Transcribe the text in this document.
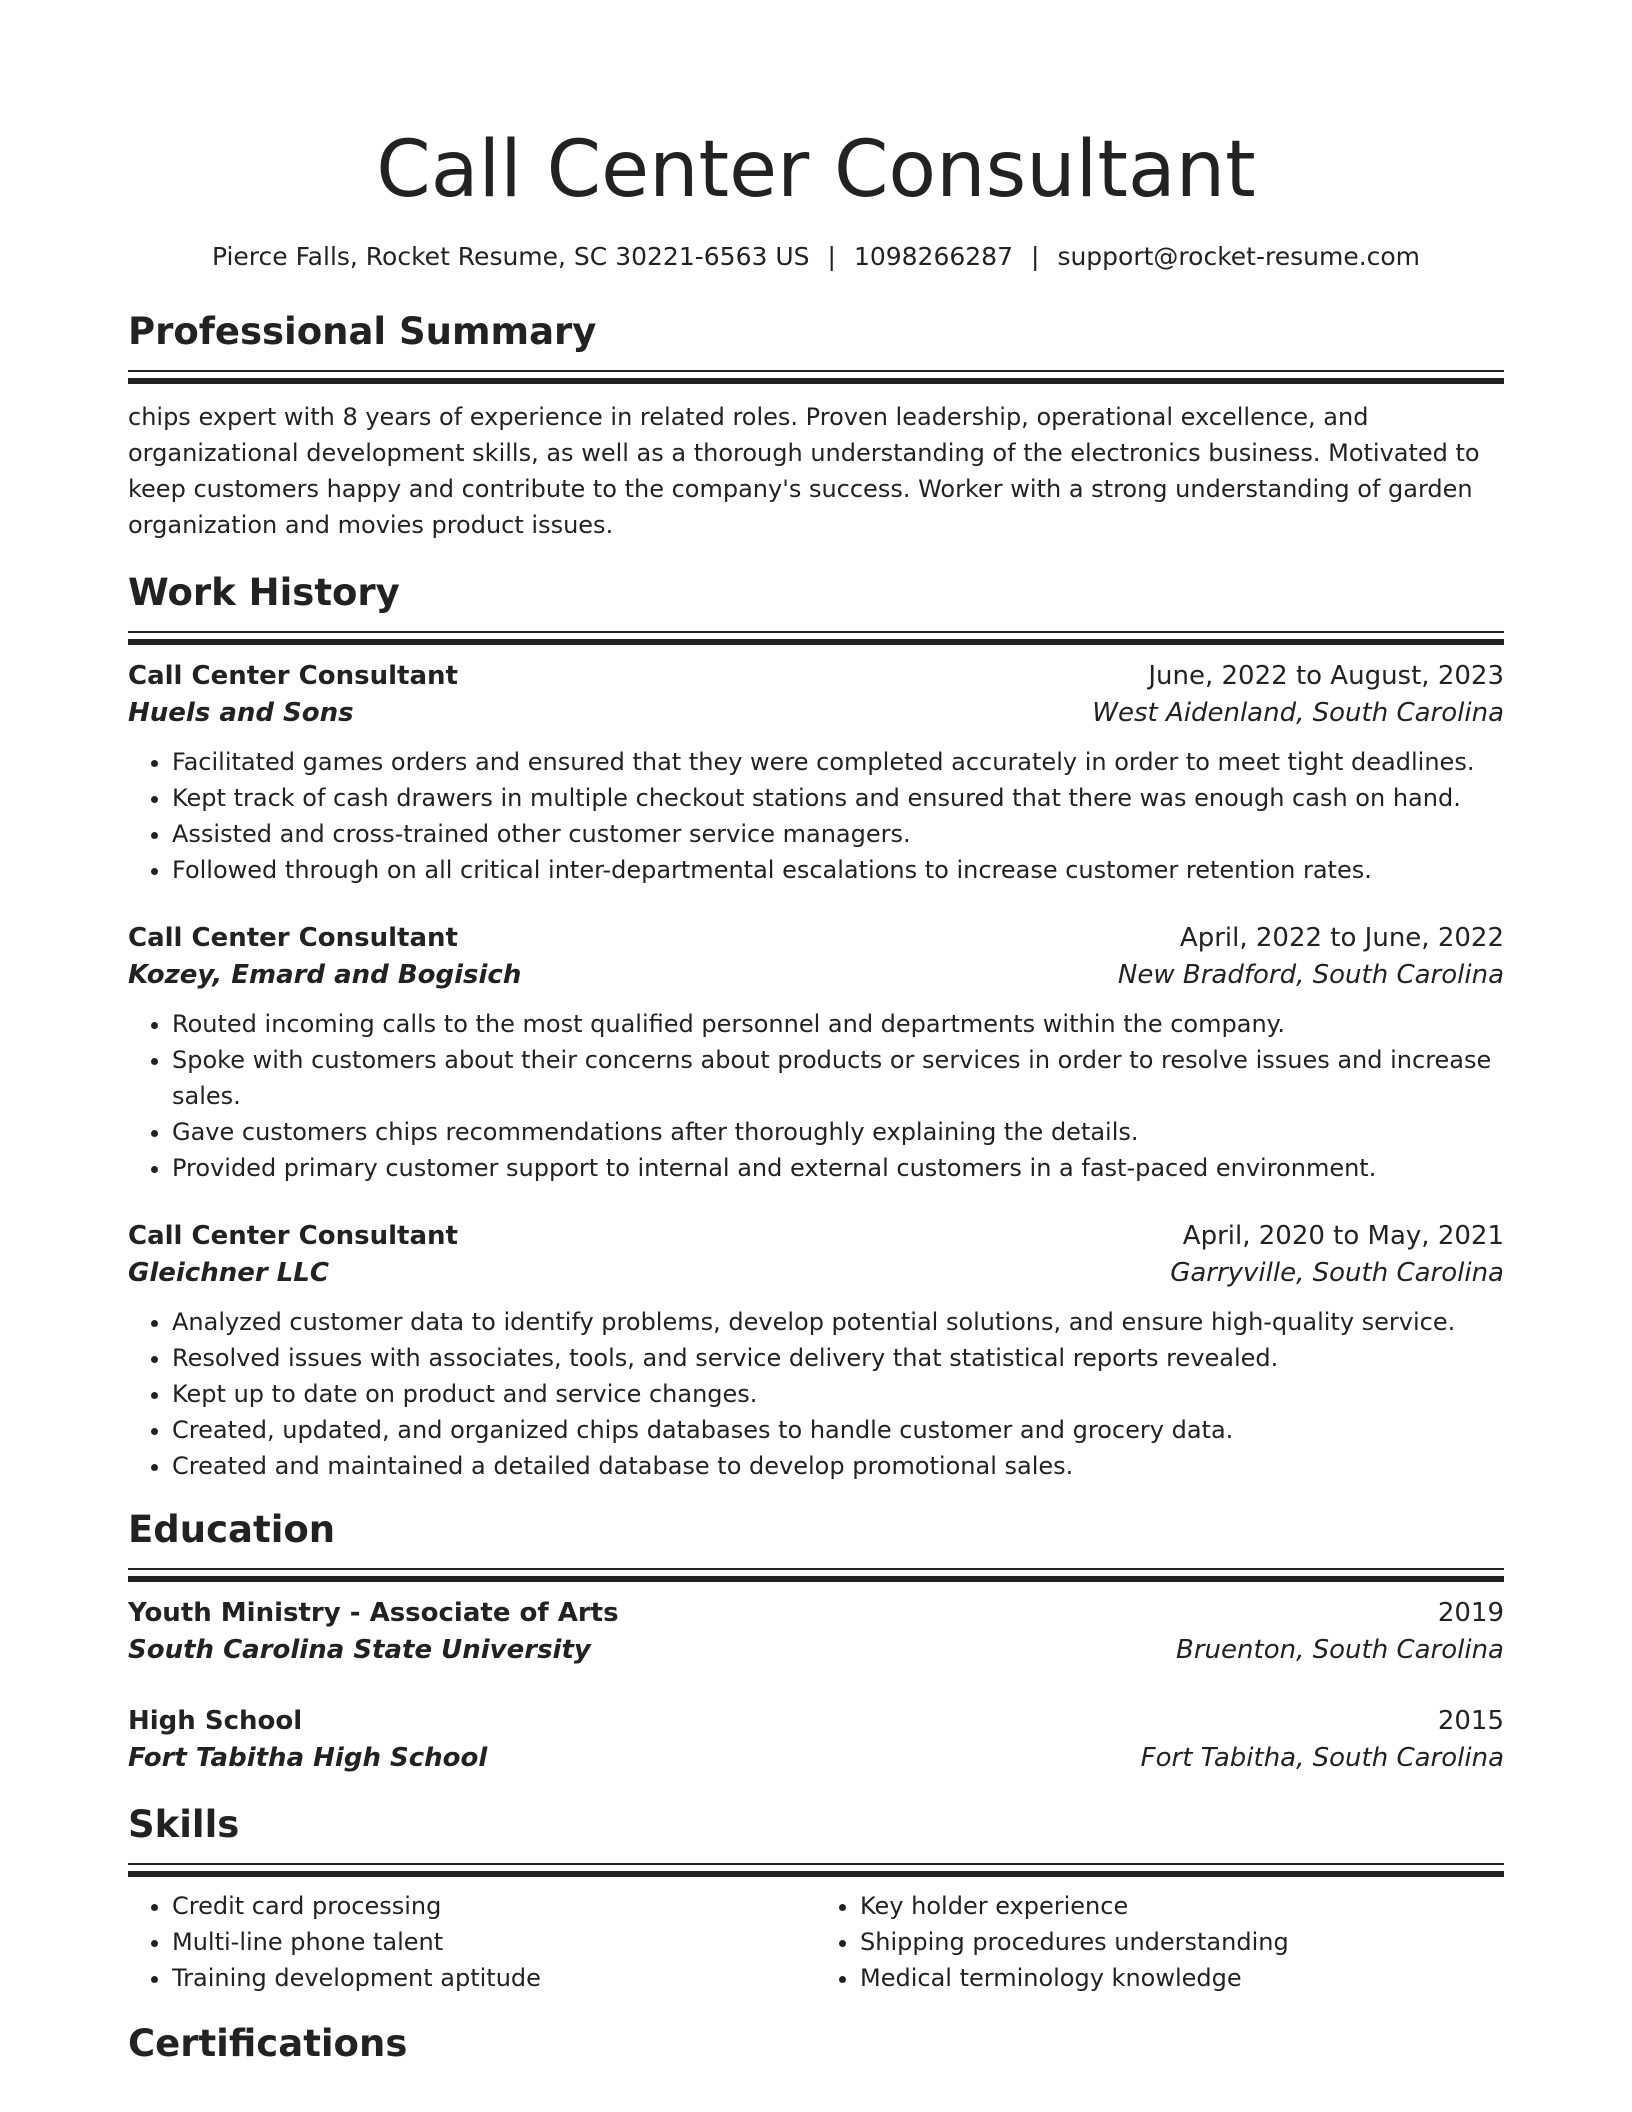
Call Center Consultant
Pierce Falls, Rocket Resume, SC 30221-6563 US | 1098266287 | support@rocket-resume.com
Professional Summary
chips expert with 8 years of experience in related roles. Proven leadership, operational excellence, and organizational development skills, as well as a thorough understanding of the electronics business. Motivated to keep customers happy and contribute to the company's success. Worker with a strong understanding of garden organization and movies product issues.
Work History
Call Center Consultant	June, 2022 to August, 2023
Huels and Sons	West Aidenland, South Carolina
• Facilitated games orders and ensured that they were completed accurately in order to meet tight deadlines.
• Kept track of cash drawers in multiple checkout stations and ensured that there was enough cash on hand.
• Assisted and cross-trained other customer service managers.
• Followed through on all critical inter-departmental escalations to increase customer retention rates.
Call Center Consultant	April, 2022 to June, 2022
Kozey, Emard and Bogisich	New Bradford, South Carolina
• Routed incoming calls to the most qualified personnel and departments within the company.
• Spoke with customers about their concerns about products or services in order to resolve issues and increase sales.
• Gave customers chips recommendations after thoroughly explaining the details.
• Provided primary customer support to internal and external customers in a fast-paced environment.
Call Center Consultant	April, 2020 to May, 2021
Gleichner LLC	Garryville, South Carolina
• Analyzed customer data to identify problems, develop potential solutions, and ensure high-quality service.
• Resolved issues with associates, tools, and service delivery that statistical reports revealed.
• Kept up to date on product and service changes.
• Created, updated, and organized chips databases to handle customer and grocery data.
• Created and maintained a detailed database to develop promotional sales.
Education
Youth Ministry - Associate of Arts	2019
South Carolina State University	Bruenton, South Carolina
High School	2015
Fort Tabitha High School	Fort Tabitha, South Carolina
Skills
• Credit card processing
• Multi-line phone talent
• Training development aptitude
• Key holder experience
• Shipping procedures understanding
• Medical terminology knowledge
Certifications
